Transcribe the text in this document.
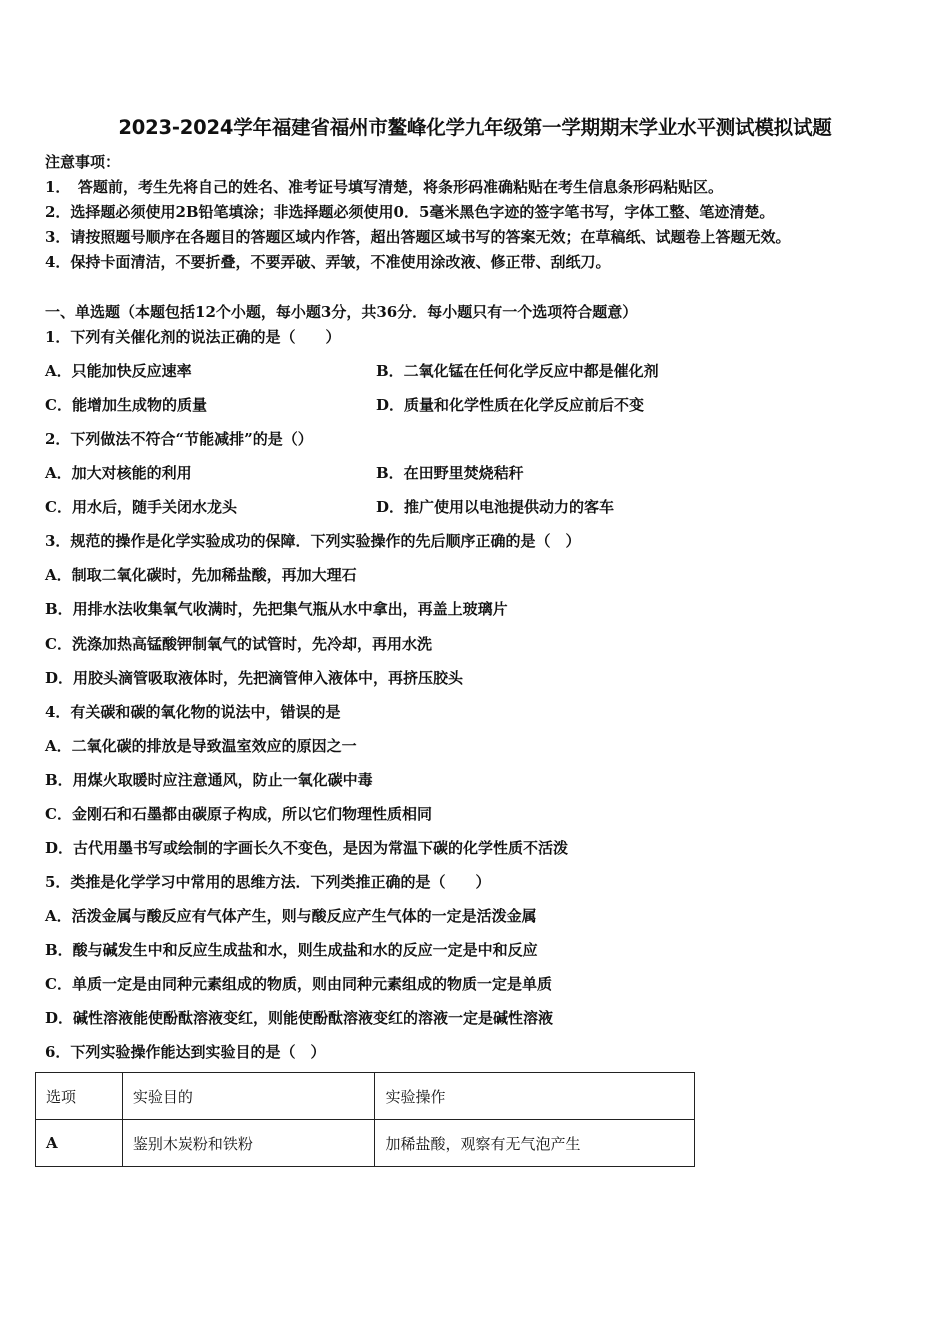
2023-2024学年福建省福州市鳌峰化学九年级第一学期期末学业水平测试模拟试题
注意事项：
1．　答题前，考生先将自己的姓名、准考证号填写清楚，将条形码准确粘贴在考生信息条形码粘贴区。
2．选择题必须使用2B铅笔填涂；非选择题必须使用0．5毫米黑色字迹的签字笔书写，字体工整、笔迹清楚。
3．请按照题号顺序在各题目的答题区域内作答，超出答题区域书写的答案无效；在草稿纸、试题卷上答题无效。
4．保持卡面清洁，不要折叠，不要弄破、弄皱，不准使用涂改液、修正带、刮纸刀。
一、单选题（本题包括12个小题，每小题3分，共36分．每小题只有一个选项符合题意）
1．下列有关催化剂的说法正确的是（　　）
A．只能加快反应速率	B．二氧化锰在任何化学反应中都是催化剂
C．能增加生成物的质量	D．质量和化学性质在化学反应前后不变
2．下列做法不符合“节能减排”的是（）
A．加大对核能的利用	B．在田野里焚烧秸秆
C．用水后，随手关闭水龙头	D．推广使用以电池提供动力的客车
3．规范的操作是化学实验成功的保障．下列实验操作的先后顺序正确的是（　）
A．制取二氧化碳时，先加稀盐酸，再加大理石
B．用排水法收集氧气收满时，先把集气瓶从水中拿出，再盖上玻璃片
C．洗涤加热高锰酸钾制氧气的试管时，先冷却，再用水洗
D．用胶头滴管吸取液体时，先把滴管伸入液体中，再挤压胶头
4．有关碳和碳的氧化物的说法中，错误的是
A．二氧化碳的排放是导致温室效应的原因之一
B．用煤火取暖时应注意通风，防止一氧化碳中毒
C．金刚石和石墨都由碳原子构成，所以它们物理性质相同
D．古代用墨书写或绘制的字画长久不变色，是因为常温下碳的化学性质不活泼
5．类推是化学学习中常用的思维方法．下列类推正确的是（　　）
A．活泼金属与酸反应有气体产生，则与酸反应产生气体的一定是活泼金属
B．酸与碱发生中和反应生成盐和水，则生成盐和水的反应一定是中和反应
C．单质一定是由同种元素组成的物质，则由同种元素组成的物质一定是单质
D．碱性溶液能使酚酞溶液变红，则能使酚酞溶液变红的溶液一定是碱性溶液
6．下列实验操作能达到实验目的是（　）
选项	实验目的	实验操作
A	鉴别木炭粉和铁粉	加稀盐酸，观察有无气泡产生
